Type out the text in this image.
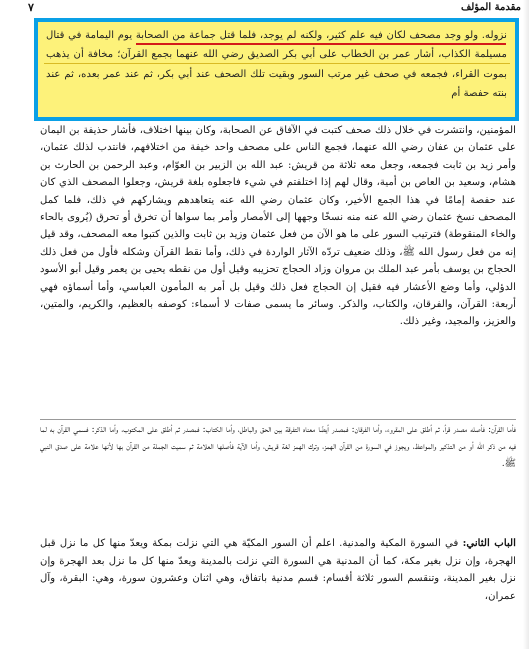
مقدمة المؤلف
٧
نزوله. ولو وجد مصحف لكان فيه علم كثير، ولكنه لم يوجد، فلما قتل جماعة من الصحابة يوم اليمامة في قتال مسيلمة الكذاب، أشار عمر بن الخطاب على أبي بكر الصديق رضي الله عنهما بجمع القرآن؛ مخافة أن يذهب بموت القراء، فجمعه في صحف غير مرتب السور وبقيت تلك الصحف عند أبي بكر، ثم عند عمر بعده، ثم عند بنته حفصة أم
المؤمنين، وانتشرت في خلال ذلك صحف كتبت في الآفاق عن الصحابة، وكان بينها اختلاف، فأشار حذيفة بن اليمان على عثمان بن عفان رضي الله عنهما، فجمع الناس على مصحف واحد خيفة من اختلافهم، فانتدب لذلك عثمان، وأمر زيد بن ثابت فجمعه، وجعل معه ثلاثة من قريش: عبد الله بن الزبير بن العوّام، وعبد الرحمن بن الحارث بن هشام، وسعيد بن العاص بن أمية، وقال لهم إذا اختلفتم في شيء فاجعلوه بلغة قريش، وجعلوا المصحف الذي كان عند حفصة إمامًا في هذا الجمع الأخير، وكان عثمان رضي الله عنه يتعاهدهم ويشاركهم في ذلك، فلما كمل المصحف نسخ عثمان رضي الله عنه منه نسخًا وجهها إلى الأمصار وأمر بما سواها أن تخرق أو تحرق (يُروى بالحاء والخاء المنقوطة) فترتيب السور على ما هو الآن من فعل عثمان وزيد بن ثابت والذين كتبوا معه المصحف، وقد قيل إنه من فعل رسول الله ﷺ، وذلك ضعيف تردّه الآثار الواردة في ذلك، وأما نقط القرآن وشكله فأول من فعل ذلك الحجاج بن يوسف بأمر عبد الملك بن مروان وزاد الحجاج تحزيبه وقيل أول من نقطه يحيى بن يعمر وقيل أبو الأسود الدؤلي، وأما وضع الأعشار فيه فقيل إن الحجاج فعل ذلك وقيل بل أمر به المأمون العباسي، وأما أسماؤه فهي أربعة: القرآن، والفرقان، والكتاب، والذكر. وسائر ما يسمى صفات لا أسماء: كوصفه بالعظيم، والكريم، والمتين، والعزيز، والمجيد، وغير ذلك.
فأما القرآن: فأصله مصدر قرأ، ثم أطلق على المقروء، وأما الفرقان: فمصدر أيضًا معناه التفرقة بين الحق والباطل، وأما الكتاب: فمصدر ثم أطلق على المكتوب، وأما الذكر: فسمي القرآن به لما فيه من ذكر الله أو من التذكير والمواعظ، ويجوز في السورة من القرآن الهمز، وترك الهمز لغة قريش، وأما الآية فأصلها العلامة ثم سميت الجملة من القرآن بها لأنها علامة على صدق النبي ﷺ.
الباب الثاني: في السورة المكية والمدنية. اعلم أن السور المكيّة هي التي نزلت بمكة ويعدّ منها كل ما نزل قبل الهجرة، وإن نزل بغير مكة، كما أن المدنية هي السورة التي نزلت بالمدينة ويعدّ منها كل ما نزل بعد الهجرة وإن نزل بغير المدينة، وتنقسم السور ثلاثة أقسام: قسم مدنية باتفاق، وهي اثنان وعشرون سورة، وهي: البقرة، وآل عمران،
